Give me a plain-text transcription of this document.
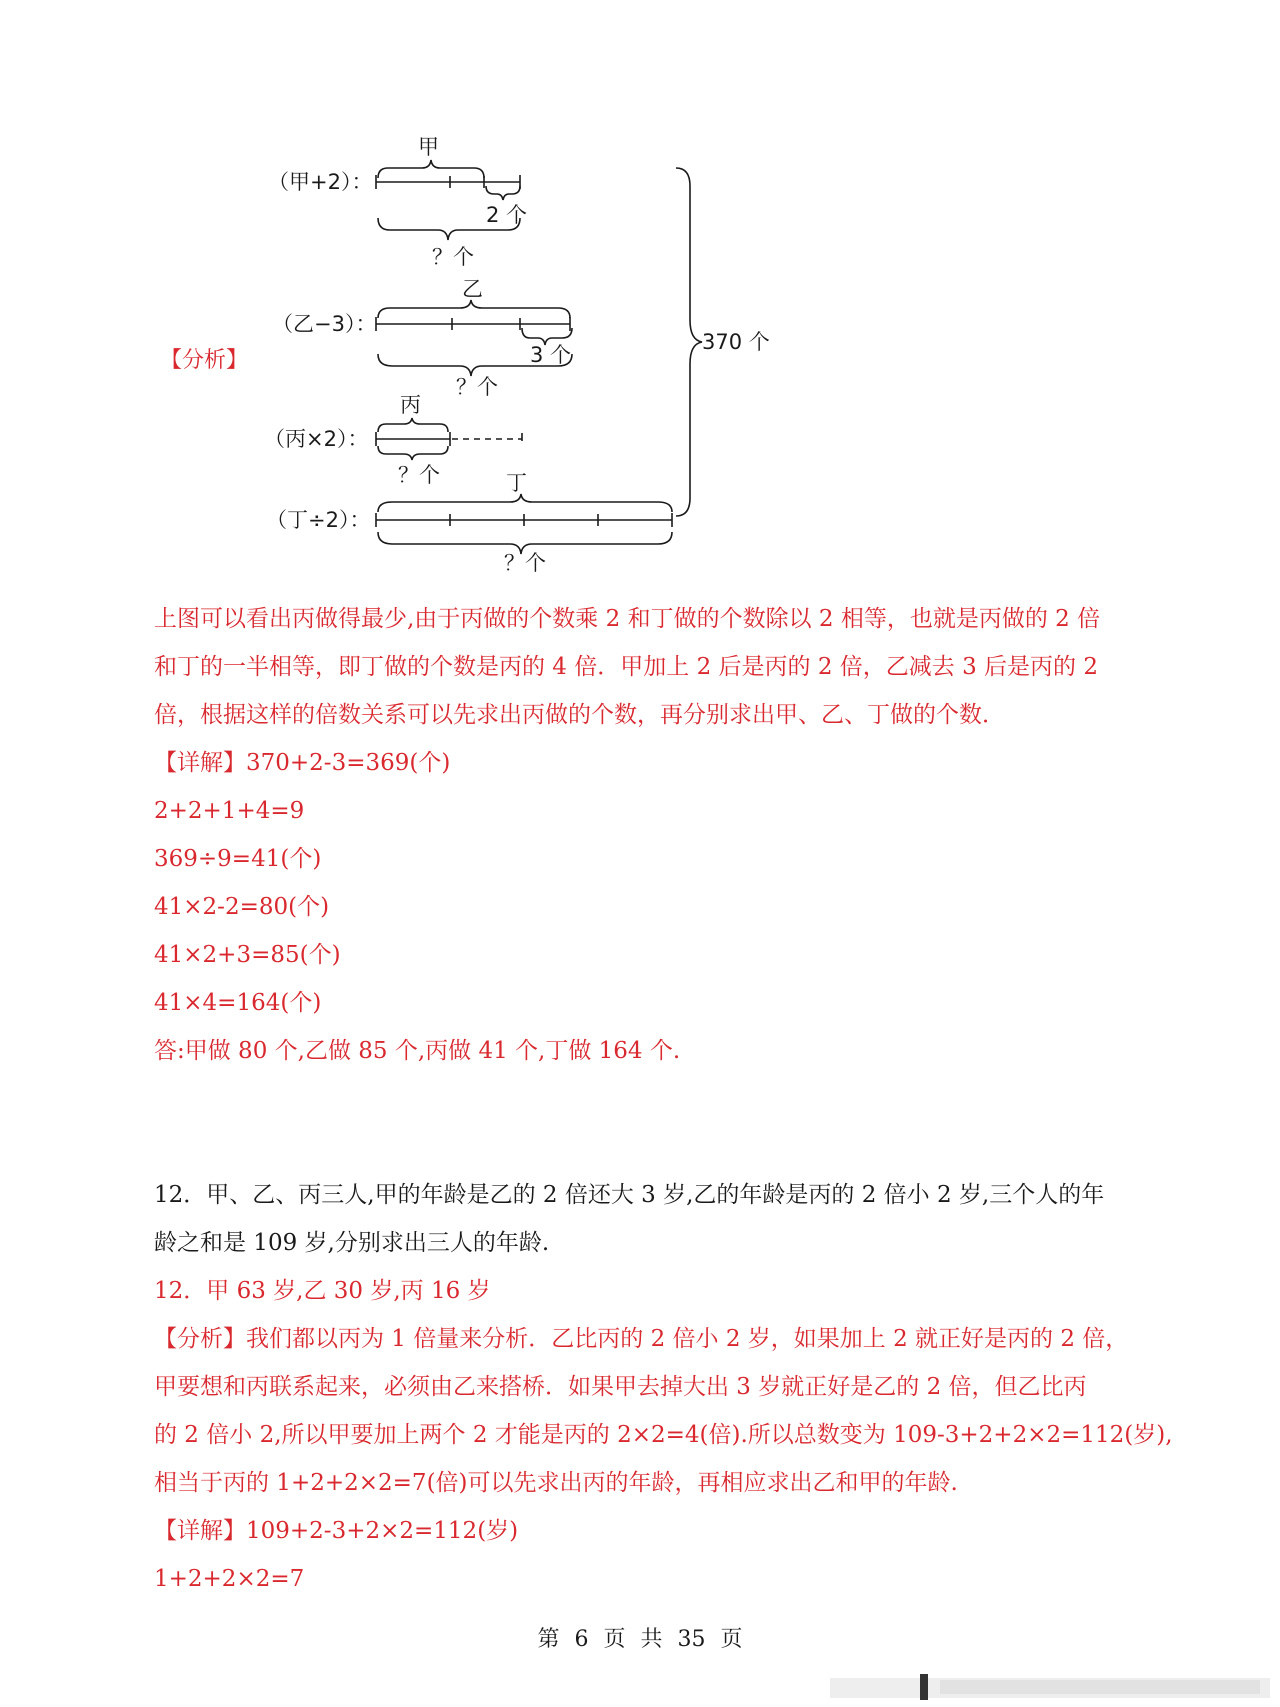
（甲+2）：
甲
2 个
？个
（乙−3）：
乙
3 个
？个
（丙×2）：
丙
？个
（丁÷2）：
丁
？个
370 个
【分析】
上图可以看出丙做得最少,由于丙做的个数乘 2 和丁做的个数除以 2 相等，也就是丙做的 2 倍
和丁的一半相等，即丁做的个数是丙的 4 倍．甲加上 2 后是丙的 2 倍，乙减去 3 后是丙的 2
倍，根据这样的倍数关系可以先求出丙做的个数，再分别求出甲、乙、丁做的个数．
【详解】370+2-3=369(个)
2+2+1+4=9
369÷9=41(个)
41×2-2=80(个)
41×2+3=85(个)
41×4=164(个)
答:甲做 80 个,乙做 85 个,丙做 41 个,丁做 164 个.
12．甲、乙、丙三人,甲的年龄是乙的 2 倍还大 3 岁,乙的年龄是丙的 2 倍小 2 岁,三个人的年
龄之和是 109 岁,分别求出三人的年龄.
12．甲 63 岁,乙 30 岁,丙 16 岁
【分析】我们都以丙为 1 倍量来分析．乙比丙的 2 倍小 2 岁，如果加上 2 就正好是丙的 2 倍，
甲要想和丙联系起来，必须由乙来搭桥．如果甲去掉大出 3 岁就正好是乙的 2 倍，但乙比丙
的 2 倍小 2,所以甲要加上两个 2 才能是丙的 2×2=4(倍).所以总数变为 109-3+2+2×2=112(岁),
相当于丙的 1+2+2×2=7(倍)可以先求出丙的年龄，再相应求出乙和甲的年龄.
【详解】109+2-3+2×2=112(岁)
1+2+2×2=7
第 6 页 共 35 页
